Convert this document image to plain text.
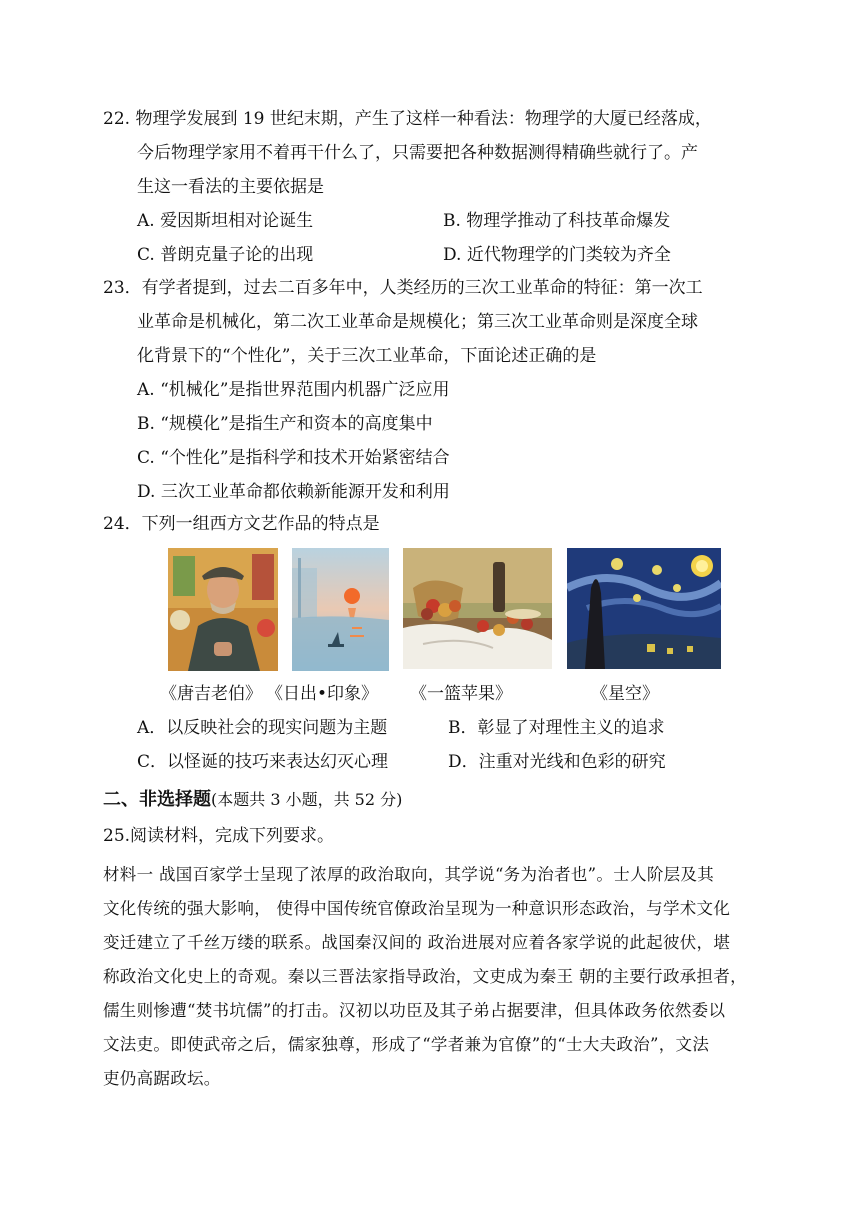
22. 物理学发展到 19 世纪末期，产生了这样一种看法：物理学的大厦已经落成，
今后物理学家用不着再干什么了，只需要把各种数据测得精确些就行了。产
生这一看法的主要依据是
A. 爱因斯坦相对论诞生	B. 物理学推动了科技革命爆发
C. 普朗克量子论的出现	D. 近代物理学的门类较为齐全
23．有学者提到，过去二百多年中，人类经历的三次工业革命的特征：第一次工
业革命是机械化，第二次工业革命是规模化；第三次工业革命则是深度全球
化背景下的“个性化”，关于三次工业革命，下面论述正确的是
A. “机械化”是指世界范围内机器广泛应用
B. “规模化”是指生产和资本的高度集中
C. “个性化”是指科学和技术开始紧密结合
D. 三次工业革命都依赖新能源开发和利用
24．下列一组西方文艺作品的特点是
《唐吉老伯》 《日出•印象》 《一篮苹果》	《星空》
A．以反映社会的现实问题为主题	B．彰显了对理性主义的追求
C．以怪诞的技巧来表达幻灭心理	D．注重对光线和色彩的研究
二、非选择题(本题共 3 小题，共 52 分)
25.阅读材料，完成下列要求。
材料一 战国百家学士呈现了浓厚的政治取向，其学说“务为治者也”。士人阶层及其
文化传统的强大影响， 使得中国传统官僚政治呈现为一种意识形态政治，与学术文化
变迁建立了千丝万缕的联系。战国秦汉间的 政治进展对应着各家学说的此起彼伏，堪
称政治文化史上的奇观。秦以三晋法家指导政治，文吏成为秦王 朝的主要行政承担者，
儒生则惨遭“焚书坑儒”的打击。汉初以功臣及其子弟占据要津，但具体政务依然委以
文法吏。即使武帝之后，儒家独尊，形成了“学者兼为官僚”的“士大夫政治”，文法
吏仍高踞政坛。
